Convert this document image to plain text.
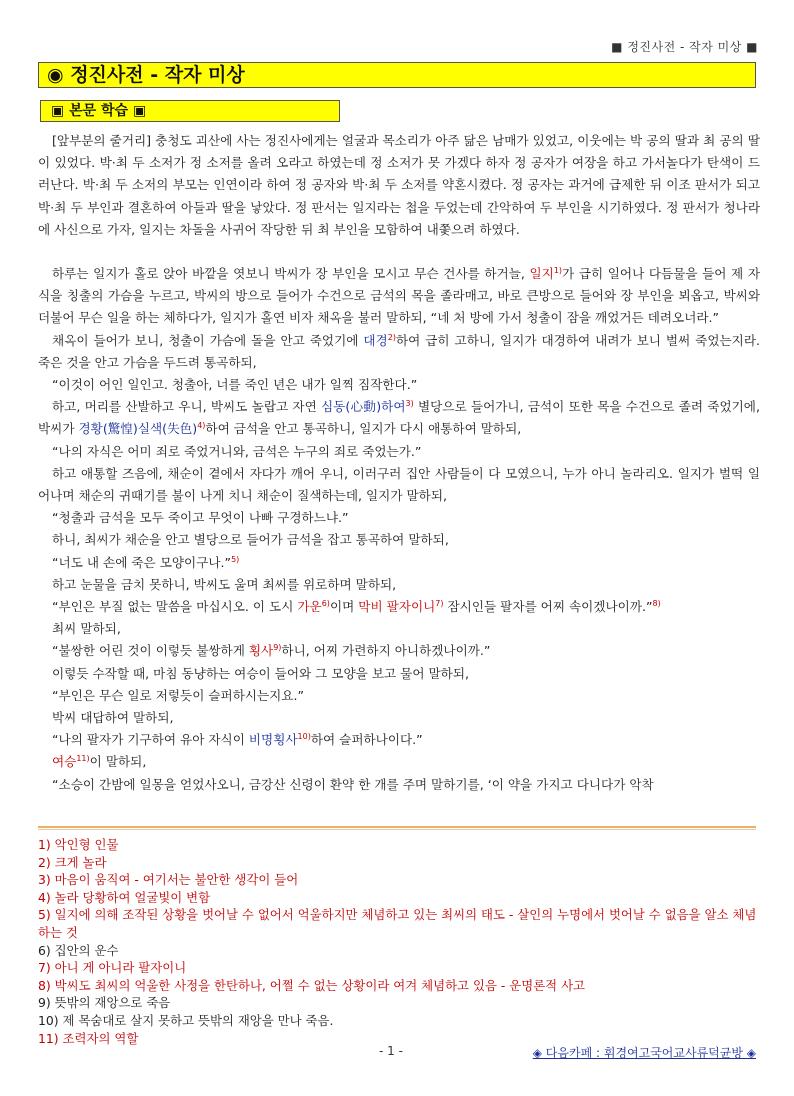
■ 정진사전 - 작자 미상 ■
◉ 정진사전 - 작자 미상
▣ 본문 학습 ▣

[앞부분의 줄거리] 충청도 괴산에 사는 정진사에게는 얼굴과 목소리가 아주 닮은 남매가 있었고, 이웃에는 박 공의 딸과 최 공의 딸이 있었다. 박·최 두 소저가 정 소저를 올려 오라고 하였는데 정 소저가 못 가겠다 하자 정 공자가 여장을 하고 가서놀다가 탄색이 드러난다. 박·최 두 소저의 부모는 인연이라 하여 정 공자와 박·최 두 소저를 약혼시켰다. 정 공자는 과거에 급제한 뒤 이조 판서가 되고 박·최 두 부인과 결혼하여 아들과 딸을 낳았다. 정 판서는 일지라는 첩을 두었는데 간악하여 두 부인을 시기하였다. 정 판서가 청나라에 사신으로 가자, 일지는 차돌을 사귀어 작당한 뒤 최 부인을 모함하여 내쫓으려 하였다.

하루는 일지가 홀로 앉아 바깥을 엿보니 박씨가 장 부인을 모시고 무슨 건사를 하거늘, 일지$^{1)}$가 급히 일어나 다듬물을 들어 제 자식을 칭출의 가슴을 누르고, 박씨의 방으로 들어가 수건으로 금석의 목을 졸라매고, 바로 큰방으로 들어와 장 부인을 뵈옵고, 박씨와 더불어 무슨 일을 하는 체하다가, 일지가 홀연 비자 채옥을 불러 말하되, “네 처 방에 가서 청출이 잠을 깨었거든 데려오너라.”

채옥이 들어가 보니, 청출이 가슴에 돌을 안고 죽었기에 대경$^{2)}$하여 급히 고하니, 일지가 대경하여 내려가 보니 벌써 죽었는지라. 죽은 것을 안고 가슴을 두드려 통곡하되,

“이것이 어인 일인고. 청출아, 너를 죽인 년은 내가 일찍 짐작한다.”

하고, 머리를 산발하고 우니, 박씨도 놀랍고 자연 심동(心動)하여$^{3)}$ 별당으로 들어가니, 금석이 또한 목을 수건으로 졸려 죽었기에, 박씨가 경황(驚惶)실색(失色)$^{4)}$하여 금석을 안고 통곡하니, 일지가 다시 애통하여 말하되,

“나의 자식은 어미 죄로 죽었거니와, 금석은 누구의 죄로 죽었는가.”

하고 애통할 즈음에, 채순이 곁에서 자다가 깨어 우니, 이러구러 집안 사람들이 다 모였으니, 누가 아니 놀라리오. 일지가 벌떡 일어나며 채순의 귀때기를 불이 나게 치니 채순이 질색하는데, 일지가 말하되,

“청출과 금석을 모두 죽이고 무엇이 나빠 구경하느냐.”

하니, 최씨가 채순을 안고 별당으로 들어가 금석을 잡고 통곡하여 말하되,

“너도 내 손에 죽은 모양이구나.”$^{5)}$

하고 눈물을 금치 못하니, 박씨도 울며 최씨를 위로하며 말하되,

“부인은 부질 없는 말씀을 마십시오. 이 도시 가운$^{6)}$이며 막비 팔자이니$^{7)}$ 잠시인들 팔자를 어찌 속이겠나이까.”$^{8)}$

최씨 말하되,

“불쌍한 어린 것이 이렇듯 불쌍하게 횡사$^{9)}$하니, 어찌 가련하지 아니하겠나이까.”

이렇듯 수작할 때, 마침 동냥하는 여승이 들어와 그 모양을 보고 물어 말하되,

“부인은 무슨 일로 저렇듯이 슬퍼하시는지요.”

박씨 대답하여 말하되,

“나의 팔자가 기구하여 유아 자식이 비명횡사$^{10)}$하여 슬퍼하나이다.”

여승$^{11)}$이 말하되,

“소승이 간밤에 일몽을 얻었사오니, 금강산 신령이 환약 한 개를 주며 말하기를, ‘이 약을 가지고 다니다가 악착

1) 악인형 인물

2) 크게 놀라

3) 마음이 움직여 - 여기서는 불안한 생각이 들어

4) 놀라 당황하여 얼굴빛이 변함

5) 일지에 의해 조작된 상황을 벗어날 수 없어서 억울하지만 체념하고 있는 최씨의 태도 - 살인의 누명에서 벗어날 수 없음을 알소 체념하는 것

6) 집안의 운수

7) 아니 게 아니라 팔자이니

8) 박씨도 최씨의 억울한 사정을 한탄하나, 어쩔 수 없는 상황이라 여겨 체념하고 있음 - 운명론적 사고

9) 뜻밖의 재앙으로 죽음

10) 제 목숨대로 살지 못하고 뜻밖의 재앙을 만나 죽음.

11) 조력자의 역할

- 1 -	◈ 다음카페 : 휘경여고국어교사류덕균방 ◈
